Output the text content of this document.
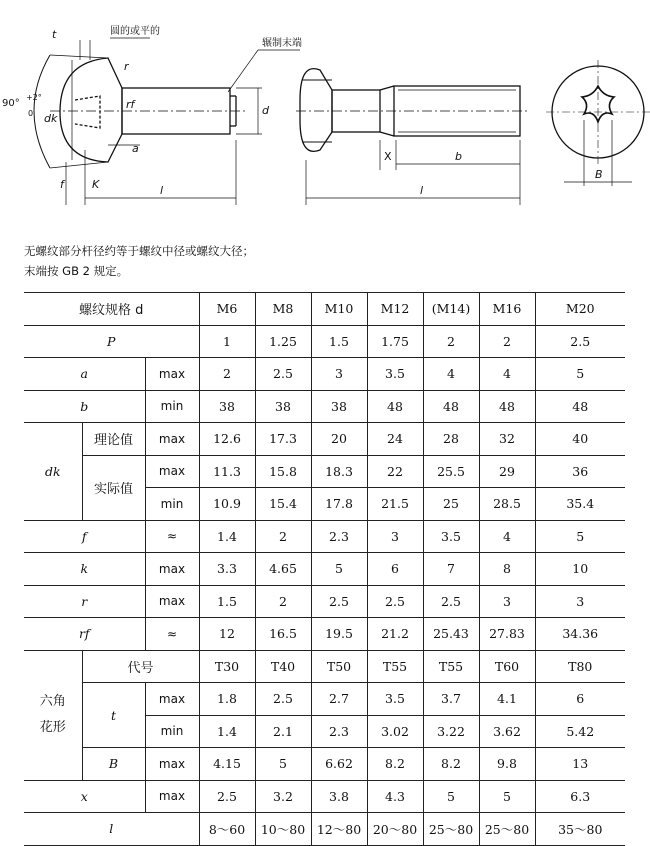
t	圆的或平的
辗制末端
90°
+2°
0 dk
r
rf
a
d
f	K	l
X	b
l
B
无螺纹部分杆径约等于螺纹中径或螺纹大径；
末端按 GB 2 规定。
螺纹规格 d			M6	M8	M10	M12	(M14)	M16	M20
P			1	1.25	1.5	1.75	2	2	2.5
a		max	2	2.5	3	3.5	4	4	5
b		min	38	38	38	48	48	48	48
dk	理论值	max	12.6	17.3	20	24	28	32	40
	实际值	max	11.3	15.8	18.3	22	25.5	29	36
		min	10.9	15.4	17.8	21.5	25	28.5	35.4
f		≈	1.4	2	2.3	3	3.5	4	5
k		max	3.3	4.65	5	6	7	8	10
r		max	1.5	2	2.5	2.5	2.5	3	3
rf		≈	12	16.5	19.5	21.2	25.43	27.83	34.36
六角
花形	代号		T30	T40	T50	T55	T55	T60	T80
	t	max	1.8	2.5	2.7	3.5	3.7	4.1	6
		min	1.4	2.1	2.3	3.02	3.22	3.62	5.42
	B	max	4.15	5	6.62	8.2	8.2	9.8	13
x		max	2.5	3.2	3.8	4.3	5	5	6.3
l			8～60	10～80	12～80	20～80	25～80	25～80	35～80
